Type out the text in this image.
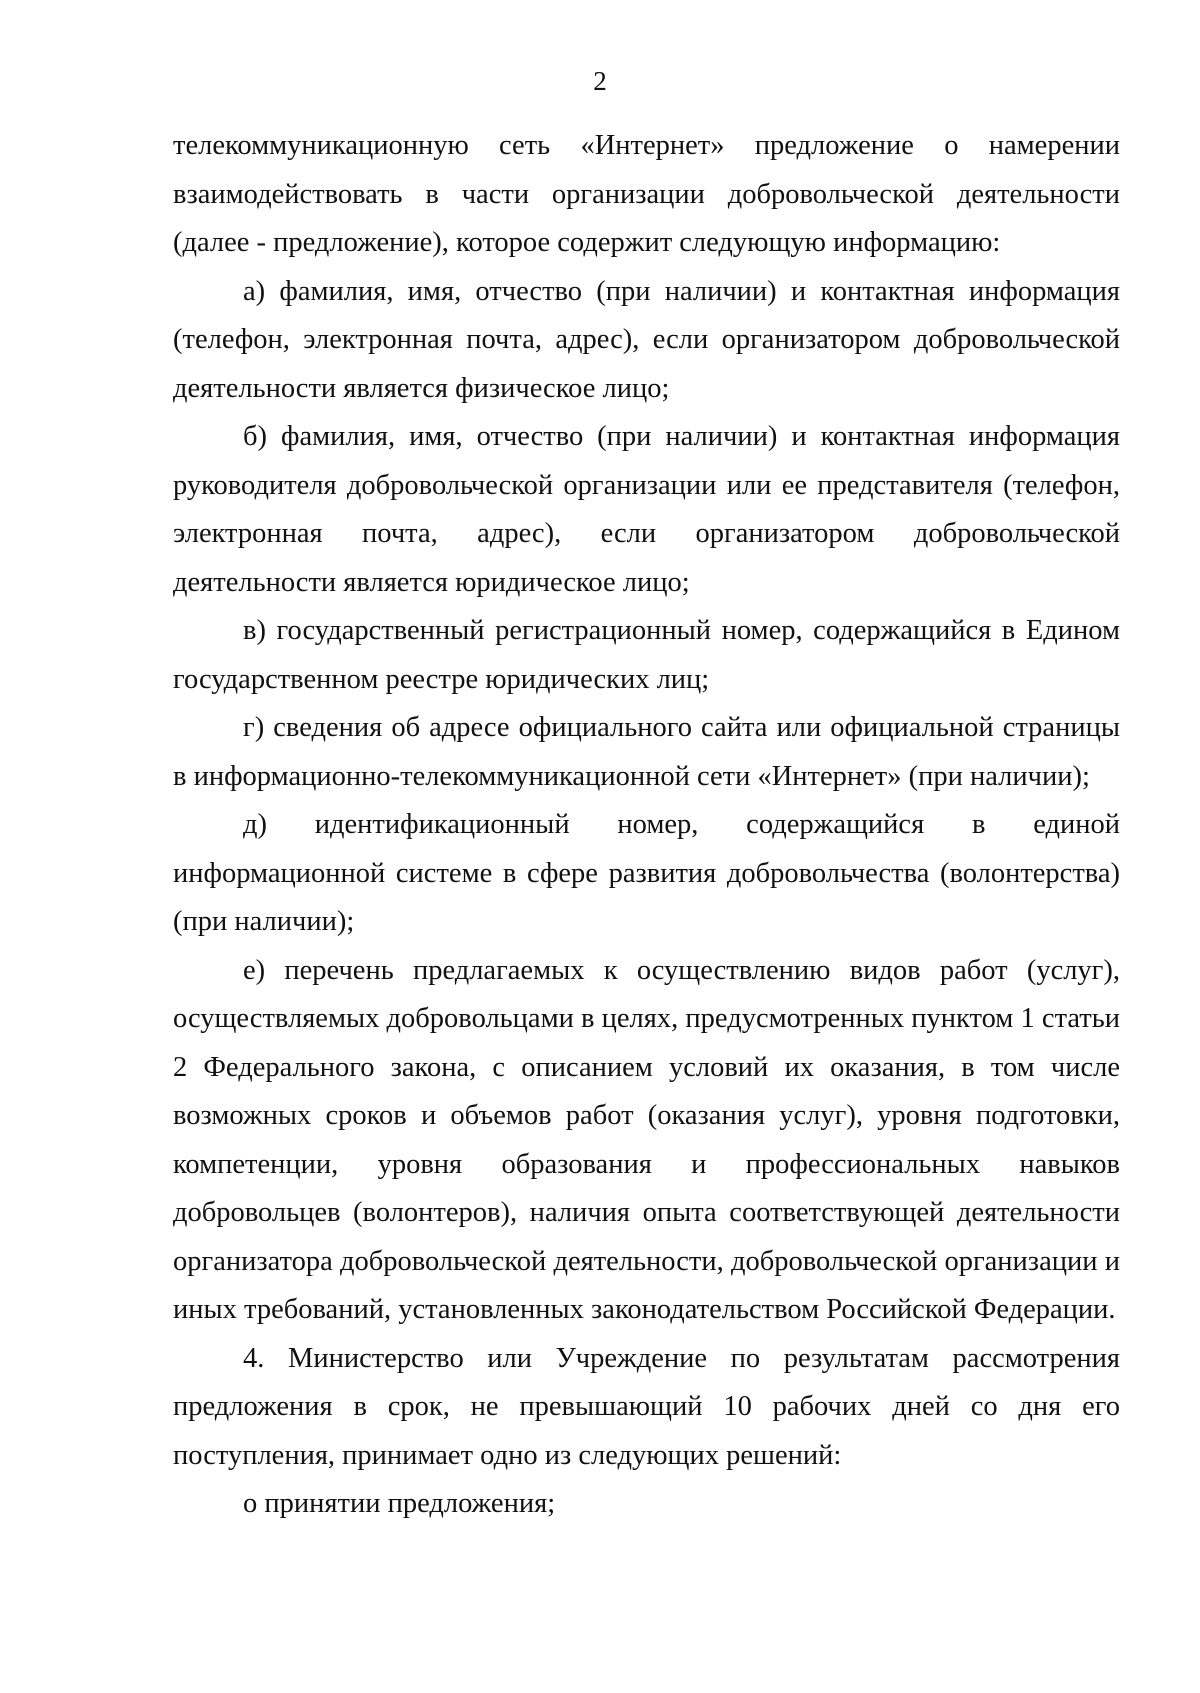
2

телекоммуникационную сеть «Интернет» предложение о намерении взаимодействовать в части организации добровольческой деятельности (далее - предложение), которое содержит следующую информацию:

а) фамилия, имя, отчество (при наличии) и контактная информация (телефон, электронная почта, адрес), если организатором добровольческой деятельности является физическое лицо;

б) фамилия, имя, отчество (при наличии) и контактная информация руководителя добровольческой организации или ее представителя (телефон, электронная почта, адрес), если организатором добровольческой деятельности является юридическое лицо;

в) государственный регистрационный номер, содержащийся в Едином государственном реестре юридических лиц;

г) сведения об адресе официального сайта или официальной страницы в информационно-телекоммуникационной сети «Интернет» (при наличии);

д) идентификационный номер, содержащийся в единой информационной системе в сфере развития добровольчества (волонтерства) (при наличии);

е) перечень предлагаемых к осуществлению видов работ (услуг), осуществляемых добровольцами в целях, предусмотренных пунктом 1 статьи 2 Федерального закона, с описанием условий их оказания, в том числе возможных сроков и объемов работ (оказания услуг), уровня подготовки, компетенции, уровня образования и профессиональных навыков добровольцев (волонтеров), наличия опыта соответствующей деятельности организатора добровольческой деятельности, добровольческой организации и иных требований, установленных законодательством Российской Федерации.

4. Министерство или Учреждение по результатам рассмотрения предложения в срок, не превышающий 10 рабочих дней со дня его поступления, принимает одно из следующих решений:

о принятии предложения;
